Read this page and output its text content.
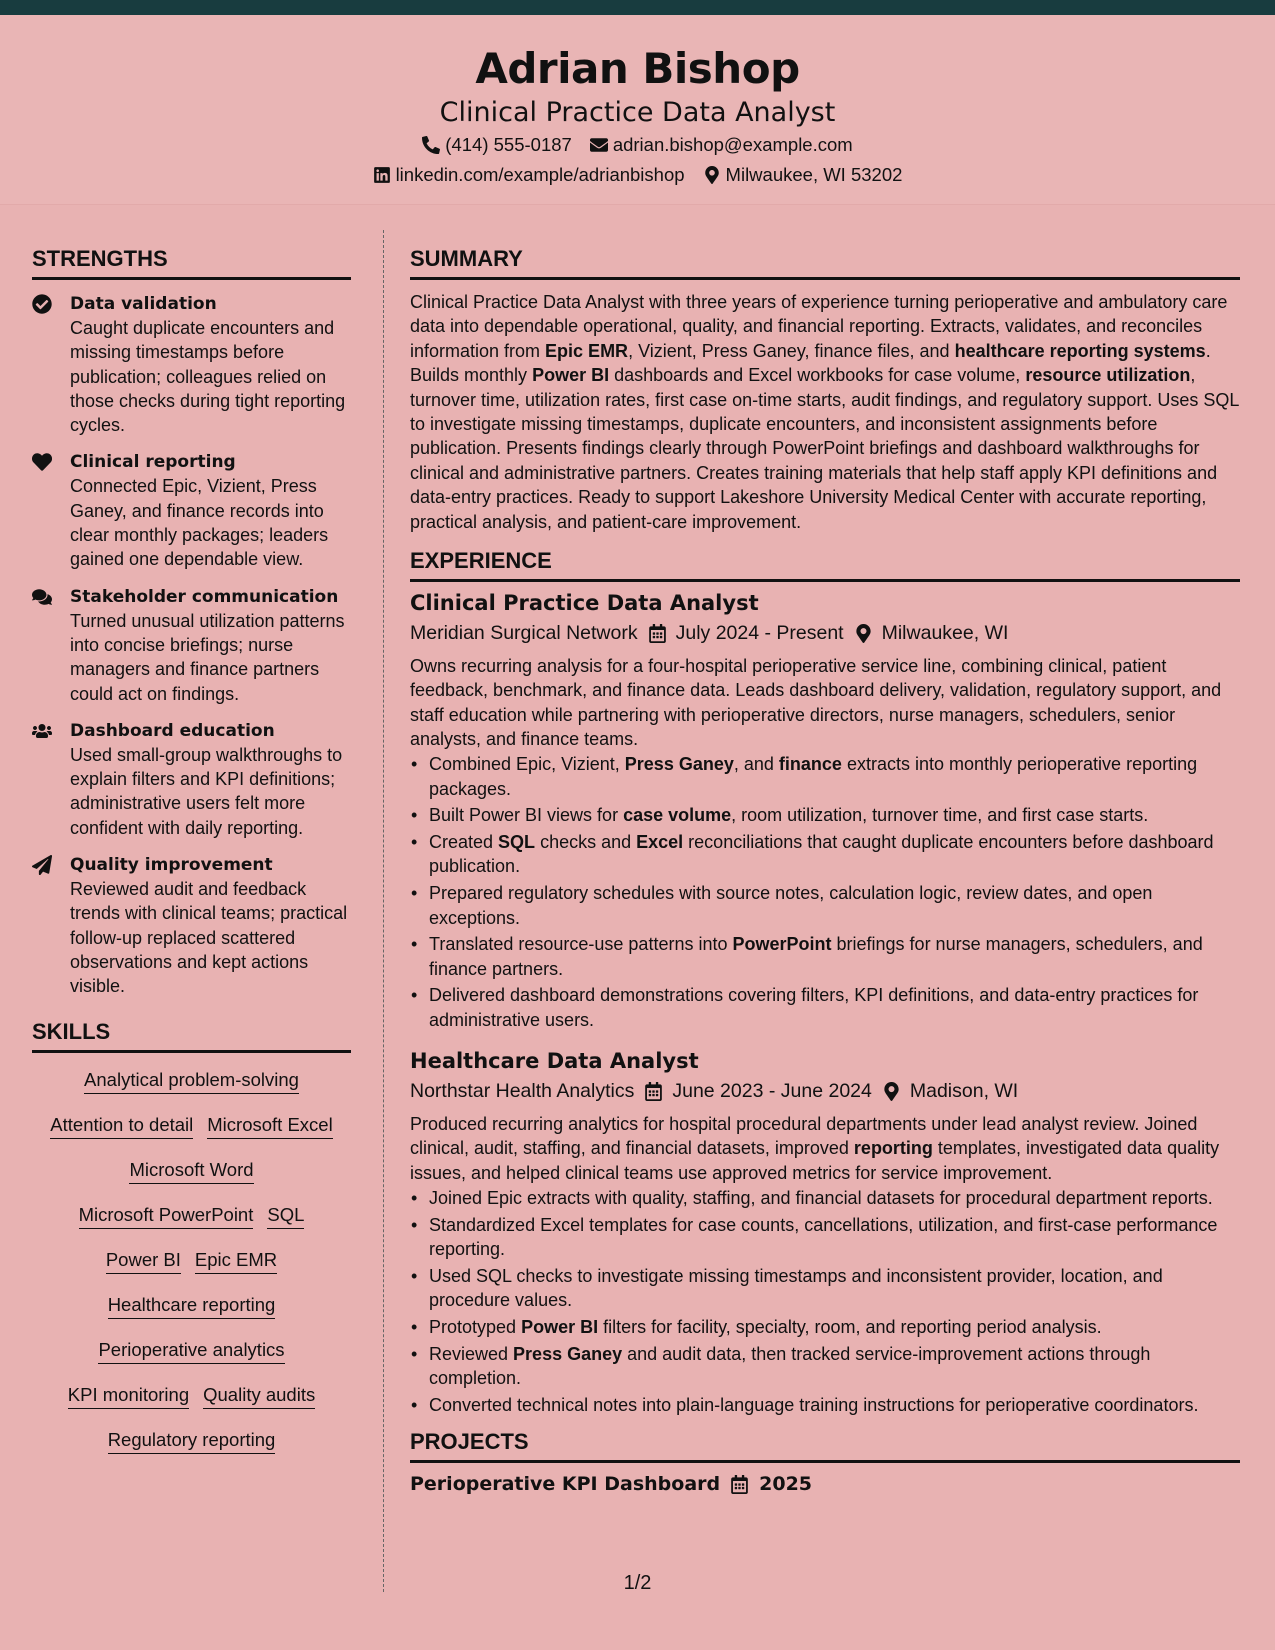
Adrian Bishop
Clinical Practice Data Analyst
(414) 555-0187 adrian.bishop@example.com
linkedin.com/example/adrianbishop Milwaukee, WI 53202
STRENGTHS
Data validation
Caught duplicate encounters and missing timestamps before publication; colleagues relied on those checks during tight reporting cycles.
Clinical reporting
Connected Epic, Vizient, Press Ganey, and finance records into clear monthly packages; leaders gained one dependable view.
Stakeholder communication
Turned unusual utilization patterns into concise briefings; nurse managers and finance partners could act on findings.
Dashboard education
Used small-group walkthroughs to explain filters and KPI definitions; administrative users felt more confident with daily reporting.
Quality improvement
Reviewed audit and feedback trends with clinical teams; practical follow-up replaced scattered observations and kept actions visible.
SKILLS
Analytical problem-solving
Attention to detail Microsoft Excel
Microsoft Word
Microsoft PowerPoint SQL
Power BI Epic EMR
Healthcare reporting
Perioperative analytics
KPI monitoring Quality audits
Regulatory reporting
SUMMARY
Clinical Practice Data Analyst with three years of experience turning perioperative and ambulatory care data into dependable operational, quality, and financial reporting. Extracts, validates, and reconciles information from Epic EMR, Vizient, Press Ganey, finance files, and healthcare reporting systems. Builds monthly Power BI dashboards and Excel workbooks for case volume, resource utilization, turnover time, utilization rates, first case on-time starts, audit findings, and regulatory support. Uses SQL to investigate missing timestamps, duplicate encounters, and inconsistent assignments before publication. Presents findings clearly through PowerPoint briefings and dashboard walkthroughs for clinical and administrative partners. Creates training materials that help staff apply KPI definitions and data-entry practices. Ready to support Lakeshore University Medical Center with accurate reporting, practical analysis, and patient-care improvement.
EXPERIENCE
Clinical Practice Data Analyst
Meridian Surgical Network July 2024 - Present Milwaukee, WI
Owns recurring analysis for a four-hospital perioperative service line, combining clinical, patient feedback, benchmark, and finance data. Leads dashboard delivery, validation, regulatory support, and staff education while partnering with perioperative directors, nurse managers, schedulers, senior analysts, and finance teams.
• Combined Epic, Vizient, Press Ganey, and finance extracts into monthly perioperative reporting packages.
• Built Power BI views for case volume, room utilization, turnover time, and first case starts.
• Created SQL checks and Excel reconciliations that caught duplicate encounters before dashboard publication.
• Prepared regulatory schedules with source notes, calculation logic, review dates, and open exceptions.
• Translated resource-use patterns into PowerPoint briefings for nurse managers, schedulers, and finance partners.
• Delivered dashboard demonstrations covering filters, KPI definitions, and data-entry practices for administrative users.
Healthcare Data Analyst
Northstar Health Analytics June 2023 - June 2024 Madison, WI
Produced recurring analytics for hospital procedural departments under lead analyst review. Joined clinical, audit, staffing, and financial datasets, improved reporting templates, investigated data quality issues, and helped clinical teams use approved metrics for service improvement.
• Joined Epic extracts with quality, staffing, and financial datasets for procedural department reports.
• Standardized Excel templates for case counts, cancellations, utilization, and first-case performance reporting.
• Used SQL checks to investigate missing timestamps and inconsistent provider, location, and procedure values.
• Prototyped Power BI filters for facility, specialty, room, and reporting period analysis.
• Reviewed Press Ganey and audit data, then tracked service-improvement actions through completion.
• Converted technical notes into plain-language training instructions for perioperative coordinators.
PROJECTS
Perioperative KPI Dashboard 2025
1/2
